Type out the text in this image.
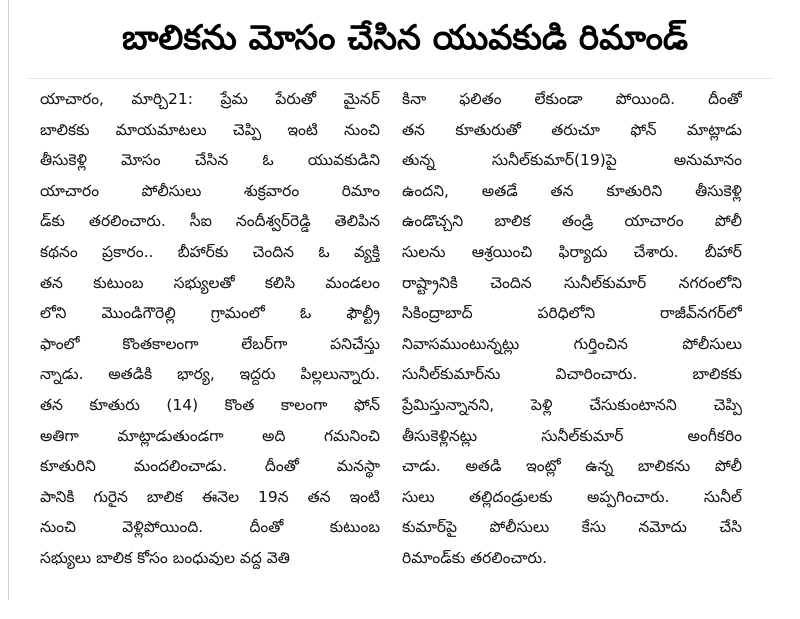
బాలికను మోసం చేసిన యువకుడి రిమాండ్
యాచారం, మార్చి21: ప్రేమ పేరుతో మైనర్
బాలికకు మాయమాటలు చెప్పి ఇంటి నుంచి
తీసుకెళ్లి మోసం చేసిన ఓ యువకుడిని
యాచారం పోలీసులు శుక్రవారం రిమాం
డ్‌కు తరలించారు. సీఐ నందీశ్వర్‌రెడ్డి తెలిపిన
కథనం ప్రకారం.. బీహార్‌కు చెందిన ఓ వ్యక్తి
తన కుటుంబ సభ్యులతో కలిసి మండలం
లోని మొండిగౌరెల్లి గ్రామంలో ఓ ఫౌల్ట్రీ
ఫాంలో కొంతకాలంగా లేబర్‌గా పనిచేస్తు
న్నాడు. అతడికి భార్య, ఇద్దరు పిల్లలున్నారు.
తన కూతురు (14) కొంత కాలంగా ఫోన్
అతిగా మాట్లాడుతుండగా అది గమనించి
కూతురిని మందలించాడు. దీంతో మనస్థా
పానికి గురైన బాలిక ఈనెల 19న తన ఇంటి
నుంచి వెళ్లిపోయింది. దీంతో కుటుంబ
సభ్యులు బాలిక కోసం బంధువుల వద్ద వెతి
కినా ఫలితం లేకుండా పోయింది. దీంతో
తన కూతురుతో తరుచూ ఫోన్ మాట్లాడు
తున్న సునీల్‌కుమార్(19)పై అనుమానం
ఉందని, అతడే తన కూతురిని తీసుకెళ్లి
ఉండొచ్చని బాలిక తండ్రి యాచారం పోలీ
సులను ఆశ్రయించి ఫిర్యాదు చేశారు. బీహార్
రాష్ట్రానికి చెందిన సునీల్‌కుమార్ నగరంలోని
సికింద్రాబాద్ పరిధిలోని రాజీవ్‌నగర్‌లో
నివాసముంటున్నట్లు గుర్తించిన పోలీసులు
సునీల్‌కుమార్‌ను విచారించారు. బాలికకు
ప్రేమిస్తున్నానని, పెళ్లి చేసుకుంటానని చెప్పి
తీసుకెళ్లినట్లు సునీల్‌కుమార్ అంగీకరిం
చాడు. అతడి ఇంట్లో ఉన్న బాలికను పోలీ
సులు తల్లిదండ్రులకు అప్పగించారు. సునీల్
కుమార్‌పై పోలీసులు కేసు నమోదు చేసి
రిమాండ్‌కు తరలించారు.
